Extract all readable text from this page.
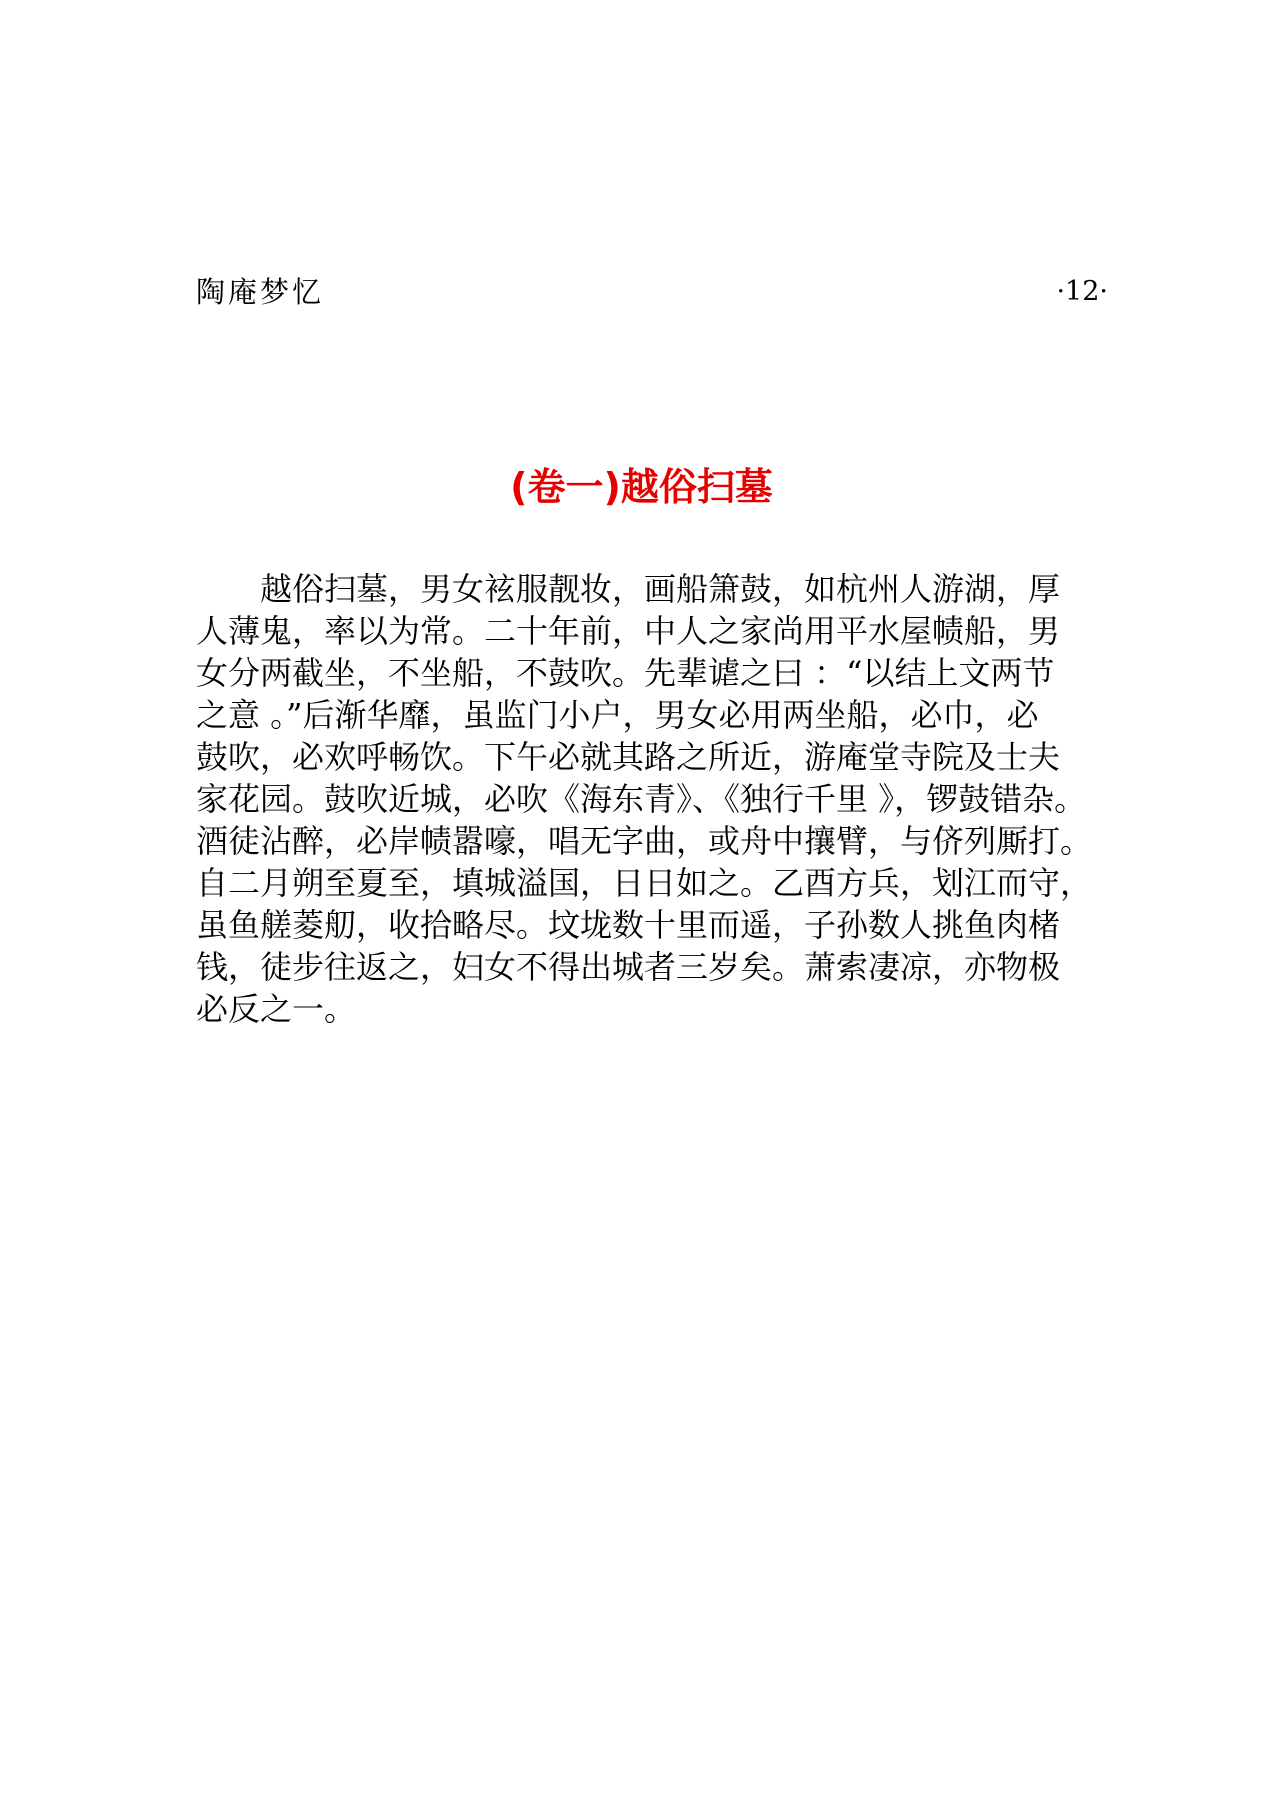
陶庵梦忆	·12·
(卷一)越俗扫墓
越俗扫墓，男女袨服靓妆，画船箫鼓，如杭州人游湖，厚
人薄鬼，率以为常。二十年前，中人之家尚用平水屋帻船，男
女分两截坐，不坐船，不鼓吹。先辈谑之曰 ：“以结上文两节
之意 。”后渐华靡，虽监门小户，男女必用两坐船，必巾，必
鼓吹，必欢呼畅饮。下午必就其路之所近，游庵堂寺院及士夫
家花园。鼓吹近城，必吹《海东青》、《独行千里 》，锣鼓错杂。
酒徒沾醉，必岸帻嚣嚎，唱无字曲，或舟中攘臂，与侪列厮打。
自二月朔至夏至，填城溢国，日日如之。乙酉方兵，划江而守，
虽鱼艖菱舠，收拾略尽。坟垅数十里而遥，子孙数人挑鱼肉楮
钱，徒步往返之，妇女不得出城者三岁矣。萧索凄凉，亦物极
必反之一。
